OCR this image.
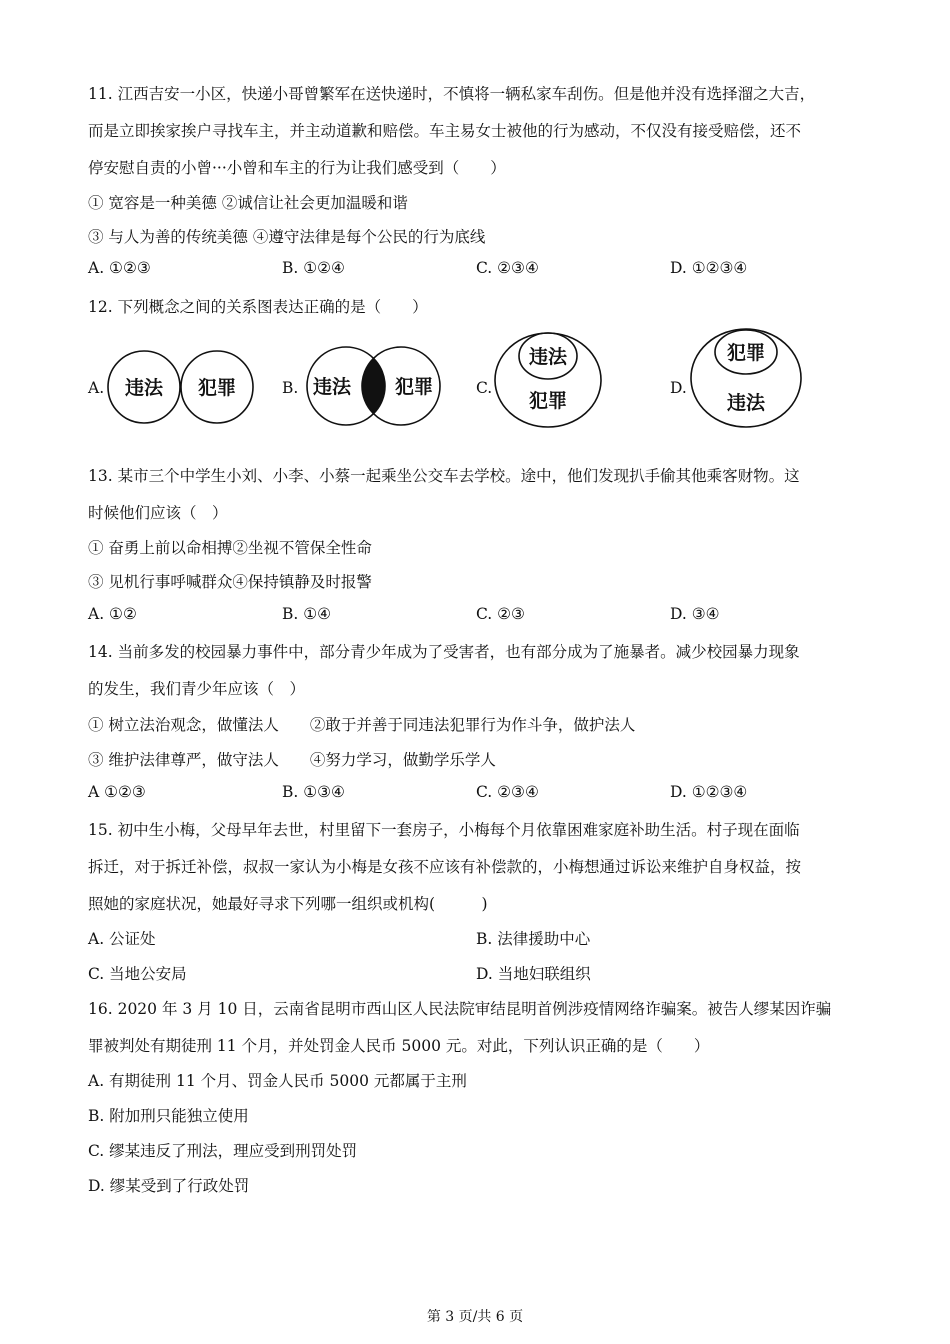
11. 江西吉安一小区，快递小哥曾繁军在送快递时，不慎将一辆私家车刮伤。但是他并没有选择溜之大吉，
而是立即挨家挨户寻找车主，并主动道歉和赔偿。车主易女士被他的行为感动，不仅没有接受赔偿，还不
停安慰自责的小曾···小曾和车主的行为让我们感受到（　　）
① 宽容是一种美德 ②诚信让社会更加温暖和谐
③ 与人为善的传统美德 ④遵守法律是每个公民的行为底线
A. ①②③	B. ①②④	C. ②③④	D. ①②③④
12. 下列概念之间的关系图表达正确的是（　　）
A. 违法 犯罪	B. 违法 犯罪	C.
违法
犯罪
D.
犯罪
违法
13. 某市三个中学生小刘、小李、小蔡一起乘坐公交车去学校。途中，他们发现扒手偷其他乘客财物。这
时候他们应该（　）
① 奋勇上前以命相搏②坐视不管保全性命
③ 见机行事呼喊群众④保持镇静及时报警
A. ①②	B. ①④	C. ②③	D. ③④
14. 当前多发的校园暴力事件中，部分青少年成为了受害者，也有部分成为了施暴者。减少校园暴力现象
的发生，我们青少年应该（　）
① 树立法治观念，做懂法人　　②敢于并善于同违法犯罪行为作斗争，做护法人
③ 维护法律尊严，做守法人　　④努力学习，做勤学乐学人
A ①②③	B. ①③④	C. ②③④	D. ①②③④
15. 初中生小梅，父母早年去世，村里留下一套房子，小梅每个月依靠困难家庭补助生活。村子现在面临
拆迁，对于拆迁补偿，叔叔一家认为小梅是女孩不应该有补偿款的，小梅想通过诉讼来维护自身权益，按
照她的家庭状况，她最好寻求下列哪一组织或机构(　　　)
A. 公证处	B. 法律援助中心
C. 当地公安局	D. 当地妇联组织
16. 2020 年 3 月 10 日，云南省昆明市西山区人民法院审结昆明首例涉疫情网络诈骗案。被告人缪某因诈骗
罪被判处有期徒刑 11 个月，并处罚金人民币 5000 元。对此，下列认识正确的是（　　）
A. 有期徒刑 11 个月、罚金人民币 5000 元都属于主刑
B. 附加刑只能独立使用
C. 缪某违反了刑法，理应受到刑罚处罚
D. 缪某受到了行政处罚
第 3 页/共 6 页
